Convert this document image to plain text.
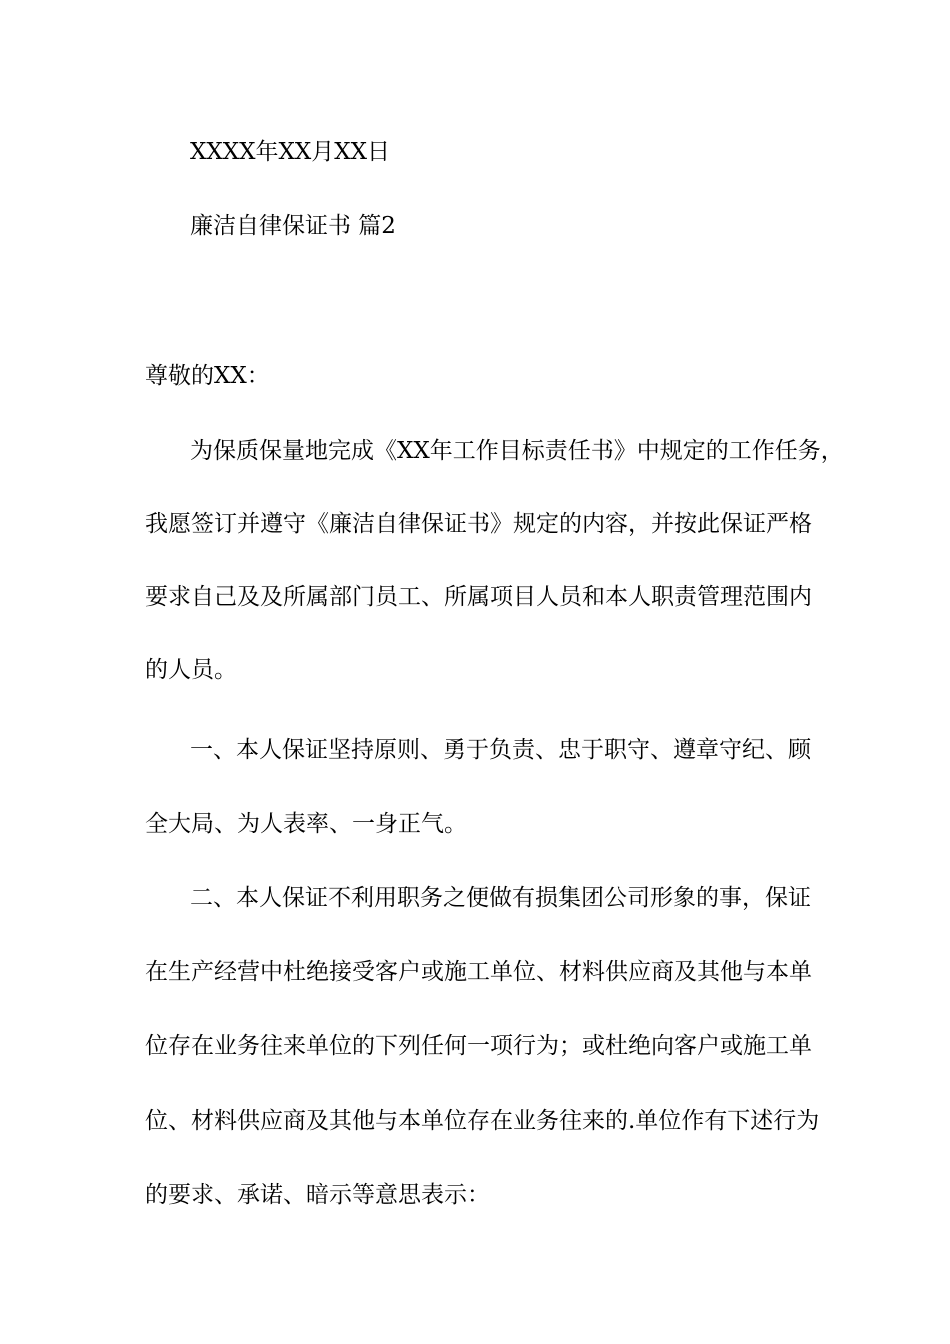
XXXX年XX月XX日
廉洁自律保证书 篇2
尊敬的XX：
为保质保量地完成《XX年工作目标责任书》中规定的工作任务，
我愿签订并遵守《廉洁自律保证书》规定的内容，并按此保证严格
要求自己及及所属部门员工、所属项目人员和本人职责管理范围内
的人员。
一、本人保证坚持原则、勇于负责、忠于职守、遵章守纪、顾
全大局、为人表率、一身正气。
二、本人保证不利用职务之便做有损集团公司形象的事，保证
在生产经营中杜绝接受客户或施工单位、材料供应商及其他与本单
位存在业务往来单位的下列任何一项行为；或杜绝向客户或施工单
位、材料供应商及其他与本单位存在业务往来的.单位作有下述行为
的要求、承诺、暗示等意思表示：
